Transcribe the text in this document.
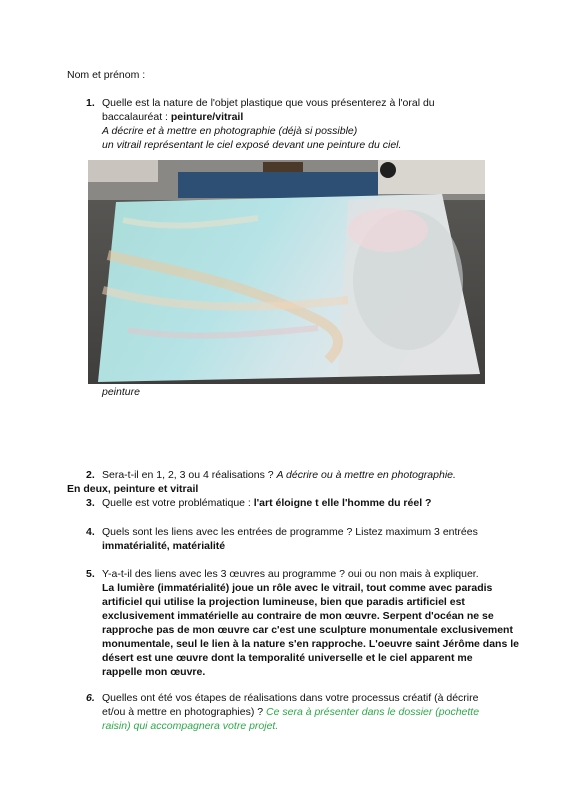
Nom et prénom :
1. Quelle est la nature de l'objet plastique que vous présenterez à l'oral du
baccalauréat : peinture/vitrail
A décrire et à mettre en photographie (déjà si possible)
un vitrail représentant le ciel exposé devant une peinture du ciel.
peinture
2. Sera-t-il en 1, 2, 3 ou 4 réalisations ? A décrire ou à mettre en photographie.
En deux, peinture et vitrail
3. Quelle est votre problématique : l'art éloigne t elle l'homme du réel ?
4. Quels sont les liens avec les entrées de programme ? Listez maximum 3 entrées
immatérialité, matérialité
5. Y-a-t-il des liens avec les 3 œuvres au programme ? oui ou non mais à expliquer.
La lumière (immatérialité) joue un rôle avec le vitrail, tout comme avec paradis
artificiel qui utilise la projection lumineuse, bien que paradis artificiel est
exclusivement immatérielle au contraire de mon œuvre. Serpent d'océan ne se
rapproche pas de mon œuvre car c'est une sculpture monumentale exclusivement
monumentale, seul le lien à la nature s'en rapproche. L'oeuvre saint Jérôme dans le
désert est une œuvre dont la temporalité universelle et le ciel apparent me
rappelle mon œuvre.
6. Quelles ont été vos étapes de réalisations dans votre processus créatif (à décrire
et/ou à mettre en photographies) ? Ce sera à présenter dans le dossier (pochette
raisin) qui accompagnera votre projet.
